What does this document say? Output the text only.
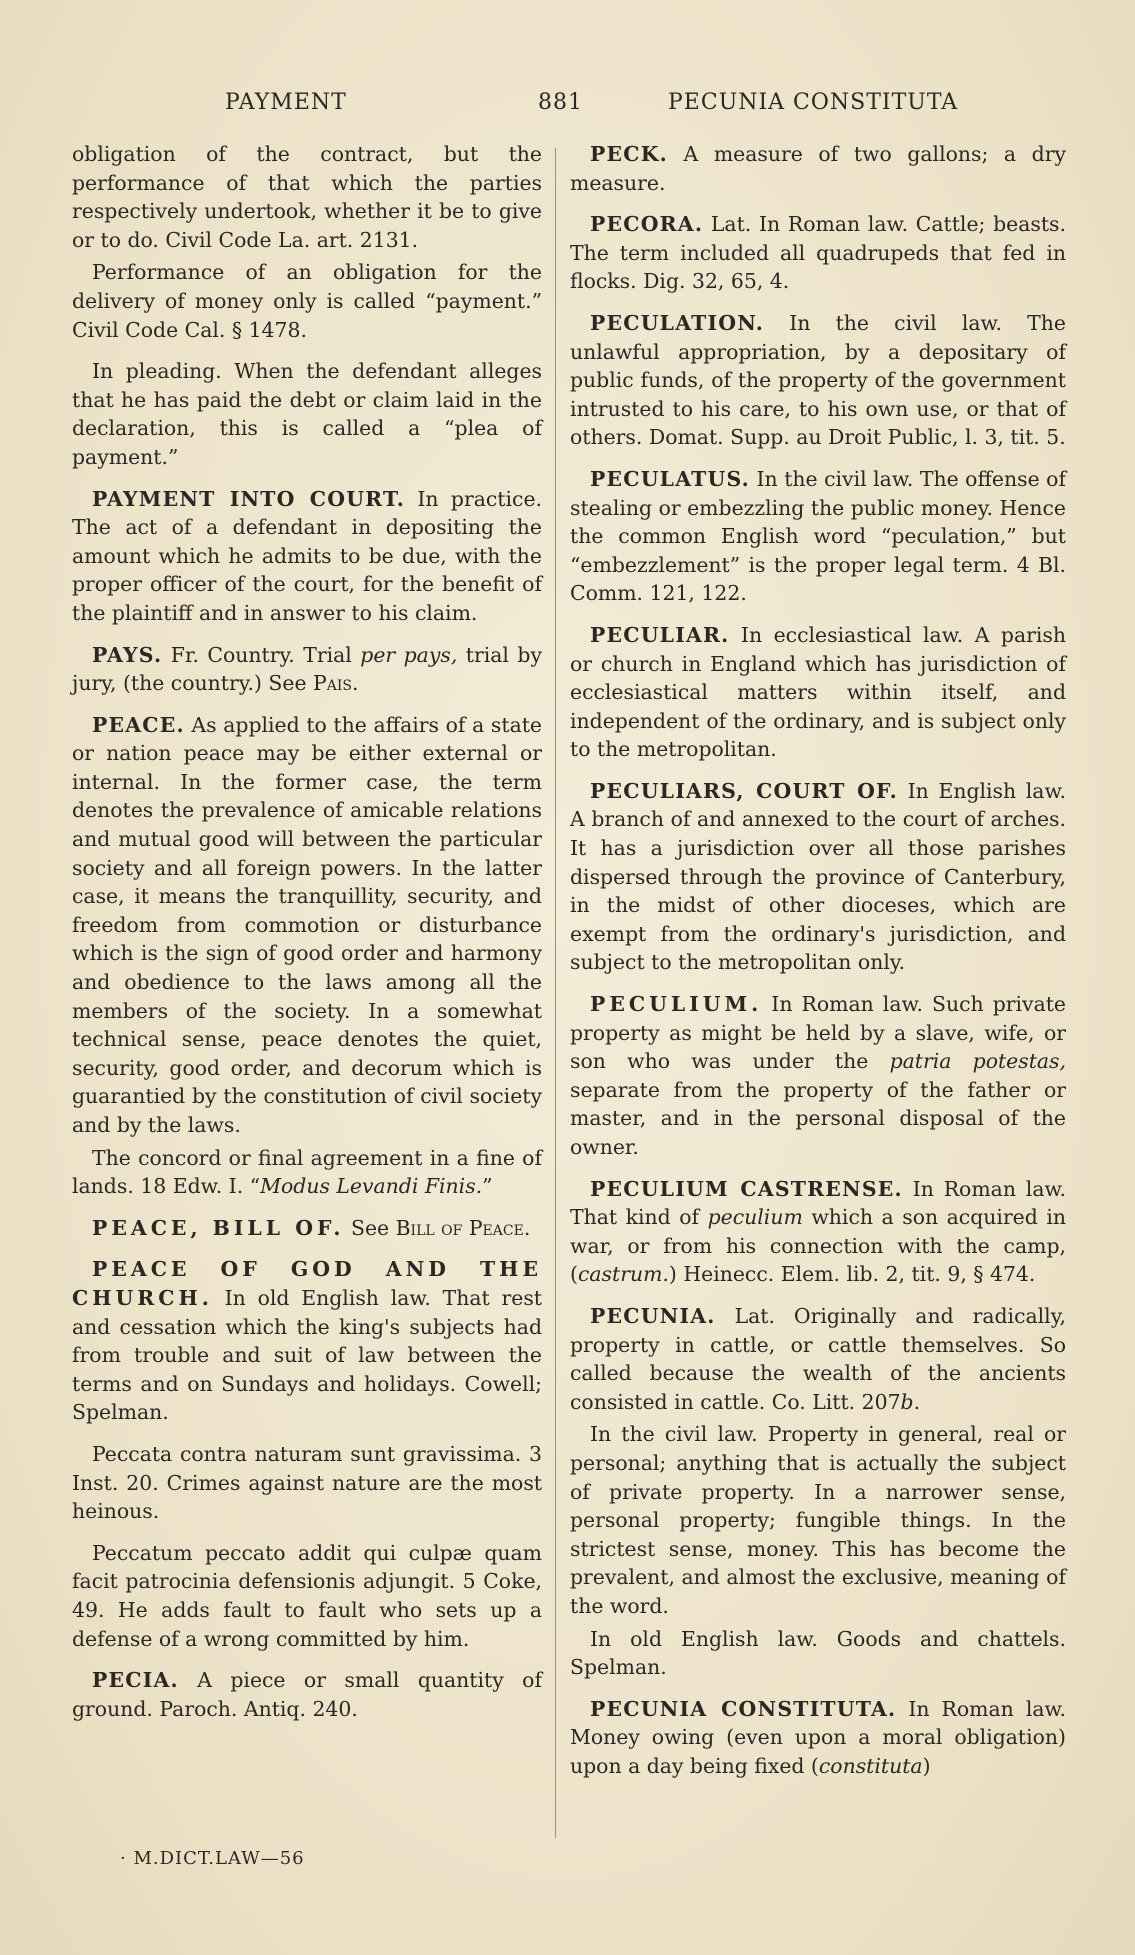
PAYMENT	881	PECUNIA CONSTITUTA

obligation of the contract, but the performance of that which the parties respectively undertook, whether it be to give or to do. Civil Code La. art. 2131.

Performance of an obligation for the delivery of money only is called “payment.” Civil Code Cal. § 1478.

In pleading. When the defendant alleges that he has paid the debt or claim laid in the declaration, this is called a “plea of payment.”

PAYMENT INTO COURT. In practice. The act of a defendant in depositing the amount which he admits to be due, with the proper officer of the court, for the benefit of the plaintiff and in answer to his claim.

PAYS. Fr. Country. Trial per pays, trial by jury, (the country.) See Pais.

PEACE. As applied to the affairs of a state or nation peace may be either external or internal. In the former case, the term denotes the prevalence of amicable relations and mutual good will between the particular society and all foreign powers. In the latter case, it means the tranquillity, security, and freedom from commotion or disturbance which is the sign of good order and harmony and obedience to the laws among all the members of the society. In a somewhat technical sense, peace denotes the quiet, security, good order, and decorum which is guarantied by the constitution of civil society and by the laws.

The concord or final agreement in a fine of lands. 18 Edw. I. “Modus Levandi Finis.”

PEACE, BILL OF. See Bill of Peace.

PEACE OF GOD AND THE CHURCH. In old English law. That rest and cessation which the king's subjects had from trouble and suit of law between the terms and on Sundays and holidays. Cowell; Spelman.

Peccata contra naturam sunt gravissima. 3 Inst. 20. Crimes against nature are the most heinous.

Peccatum peccato addit qui culpæ quam facit patrocinia defensionis adjungit. 5 Coke, 49. He adds fault to fault who sets up a defense of a wrong committed by him.

PECIA. A piece or small quantity of ground. Paroch. Antiq. 240.

PECK. A measure of two gallons; a dry measure.

PECORA. Lat. In Roman law. Cattle; beasts. The term included all quadrupeds that fed in flocks. Dig. 32, 65, 4.

PECULATION. In the civil law. The unlawful appropriation, by a depositary of public funds, of the property of the government intrusted to his care, to his own use, or that of others. Domat. Supp. au Droit Public, l. 3, tit. 5.

PECULATUS. In the civil law. The offense of stealing or embezzling the public money. Hence the common English word “peculation,” but “embezzlement” is the proper legal term. 4 Bl. Comm. 121, 122.

PECULIAR. In ecclesiastical law. A parish or church in England which has jurisdiction of ecclesiastical matters within itself, and independent of the ordinary, and is subject only to the metropolitan.

PECULIARS, COURT OF. In English law. A branch of and annexed to the court of arches. It has a jurisdiction over all those parishes dispersed through the province of Canterbury, in the midst of other dioceses, which are exempt from the ordinary's jurisdiction, and subject to the metropolitan only.

PECULIUM. In Roman law. Such private property as might be held by a slave, wife, or son who was under the patria potestas, separate from the property of the father or master, and in the personal disposal of the owner.

PECULIUM CASTRENSE. In Roman law. That kind of peculium which a son acquired in war, or from his connection with the camp, (castrum.) Heinecc. Elem. lib. 2, tit. 9, § 474.

PECUNIA. Lat. Originally and radically, property in cattle, or cattle themselves. So called because the wealth of the ancients consisted in cattle. Co. Litt. 207b.

In the civil law. Property in general, real or personal; anything that is actually the subject of private property. In a narrower sense, personal property; fungible things. In the strictest sense, money. This has become the prevalent, and almost the exclusive, meaning of the word.

In old English law. Goods and chattels. Spelman.

PECUNIA CONSTITUTA. In Roman law. Money owing (even upon a moral obligation) upon a day being fixed (constituta)

· M.DICT.LAW—56
